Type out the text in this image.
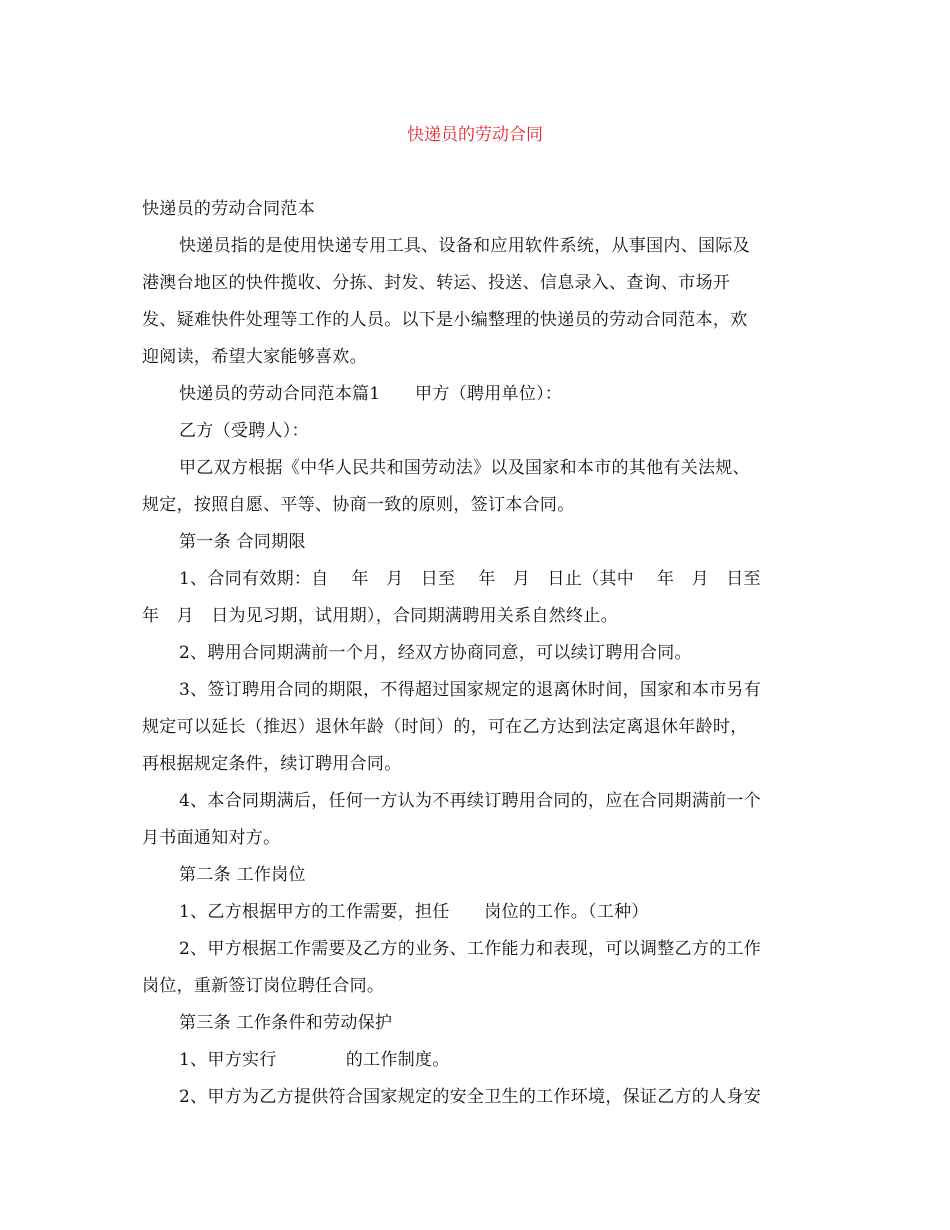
快递员的劳动合同
快递员的劳动合同范本
快递员指的是使用快递专用工具、设备和应用软件系统，从事国内、国际及
港澳台地区的快件揽收、分拣、封发、转运、投送、信息录入、查询、市场开
发、疑难快件处理等工作的人员。以下是小编整理的快递员的劳动合同范本，欢
迎阅读，希望大家能够喜欢。
快递员的劳动合同范本篇1　　甲方（聘用单位）：
乙方（受聘人）：
甲乙双方根据《中华人民共和国劳动法》以及国家和本市的其他有关法规、
规定，按照自愿、平等、协商一致的原则，签订本合同。
第一条 合同期限
1、合同有效期：自　 年　月　日至　 年　月　日止（其中　 年　月　日至
年　月　日为见习期，试用期），合同期满聘用关系自然终止。
2、聘用合同期满前一个月，经双方协商同意，可以续订聘用合同。
3、签订聘用合同的期限，不得超过国家规定的退离休时间，国家和本市另有
规定可以延长（推迟）退休年龄（时间）的，可在乙方达到法定离退休年龄时，
再根据规定条件，续订聘用合同。
4、本合同期满后，任何一方认为不再续订聘用合同的，应在合同期满前一个
月书面通知对方。
第二条 工作岗位
1、乙方根据甲方的工作需要，担任　　岗位的工作。（工种）
2、甲方根据工作需要及乙方的业务、工作能力和表现，可以调整乙方的工作
岗位，重新签订岗位聘任合同。
第三条 工作条件和劳动保护
1、甲方实行　　　　的工作制度。
2、甲方为乙方提供符合国家规定的安全卫生的工作环境，保证乙方的人身安
